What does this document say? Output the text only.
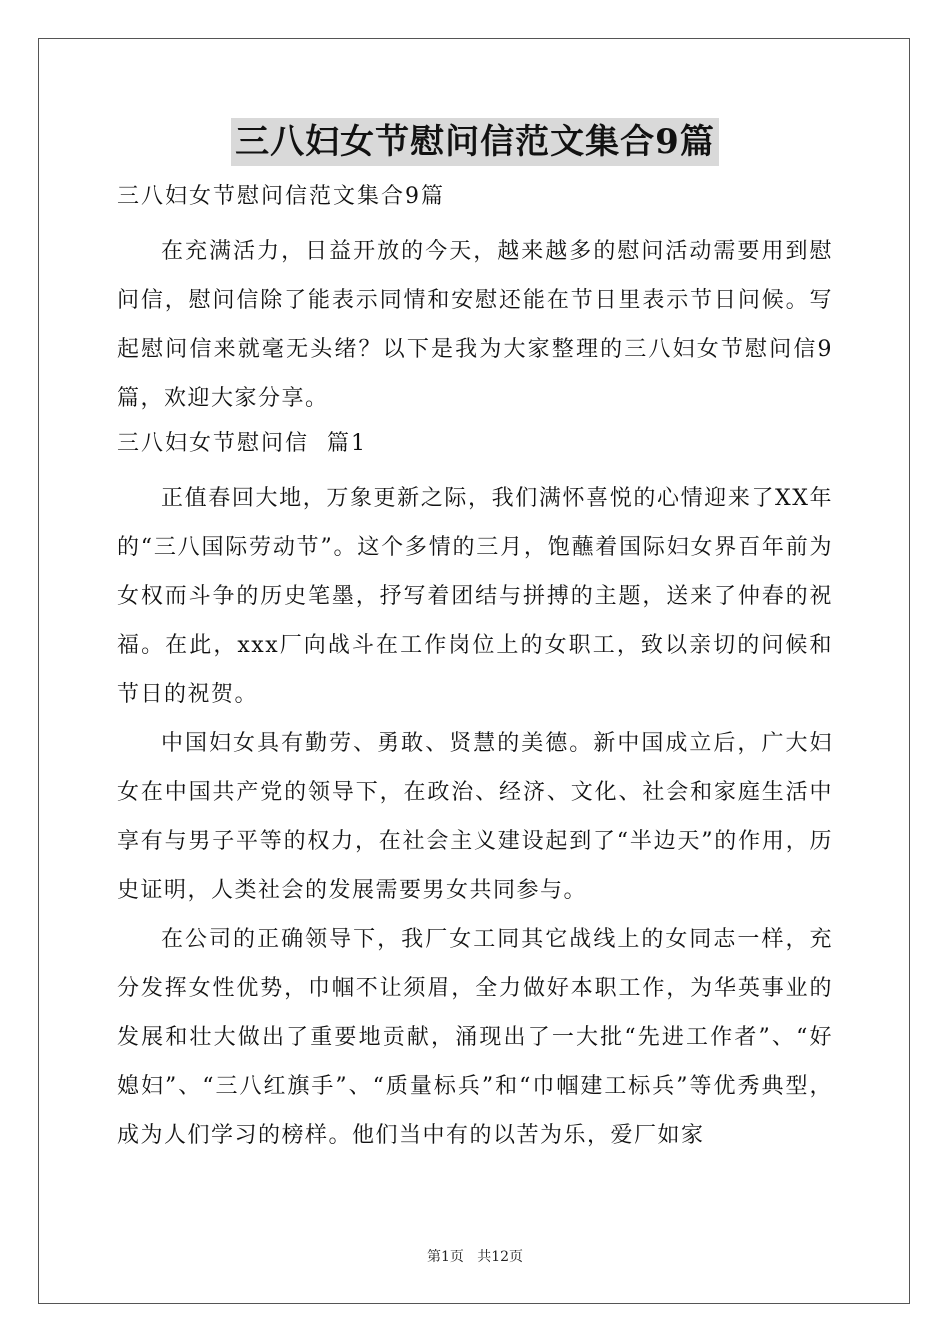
三八妇女节慰问信范文集合9篇

三八妇女节慰问信范文集合9篇

在充满活力，日益开放的今天，越来越多的慰问活动需要用到慰问信，慰问信除了能表示同情和安慰还能在节日里表示节日问候。写起慰问信来就毫无头绪？以下是我为大家整理的三八妇女节慰问信9篇，欢迎大家分享。

三八妇女节慰问信  篇1

正值春回大地，万象更新之际，我们满怀喜悦的心情迎来了XX年的“三八国际劳动节”。这个多情的三月，饱蘸着国际妇女界百年前为女权而斗争的历史笔墨，抒写着团结与拼搏的主题，送来了仲春的祝福。在此，xxx厂向战斗在工作岗位上的女职工，致以亲切的问候和节日的祝贺。

中国妇女具有勤劳、勇敢、贤慧的美德。新中国成立后，广大妇女在中国共产党的领导下，在政治、经济、文化、社会和家庭生活中享有与男子平等的权力，在社会主义建设起到了“半边天”的作用，历史证明，人类社会的发展需要男女共同参与。

在公司的正确领导下，我厂女工同其它战线上的女同志一样，充分发挥女性优势，巾帼不让须眉，全力做好本职工作，为华英事业的发展和壮大做出了重要地贡献，涌现出了一大批“先进工作者”、“好媳妇”、“三八红旗手”、“质量标兵”和“巾帼建工标兵”等优秀典型，成为人们学习的榜样。他们当中有的以苦为乐，爱厂如家

第1页   共12页
